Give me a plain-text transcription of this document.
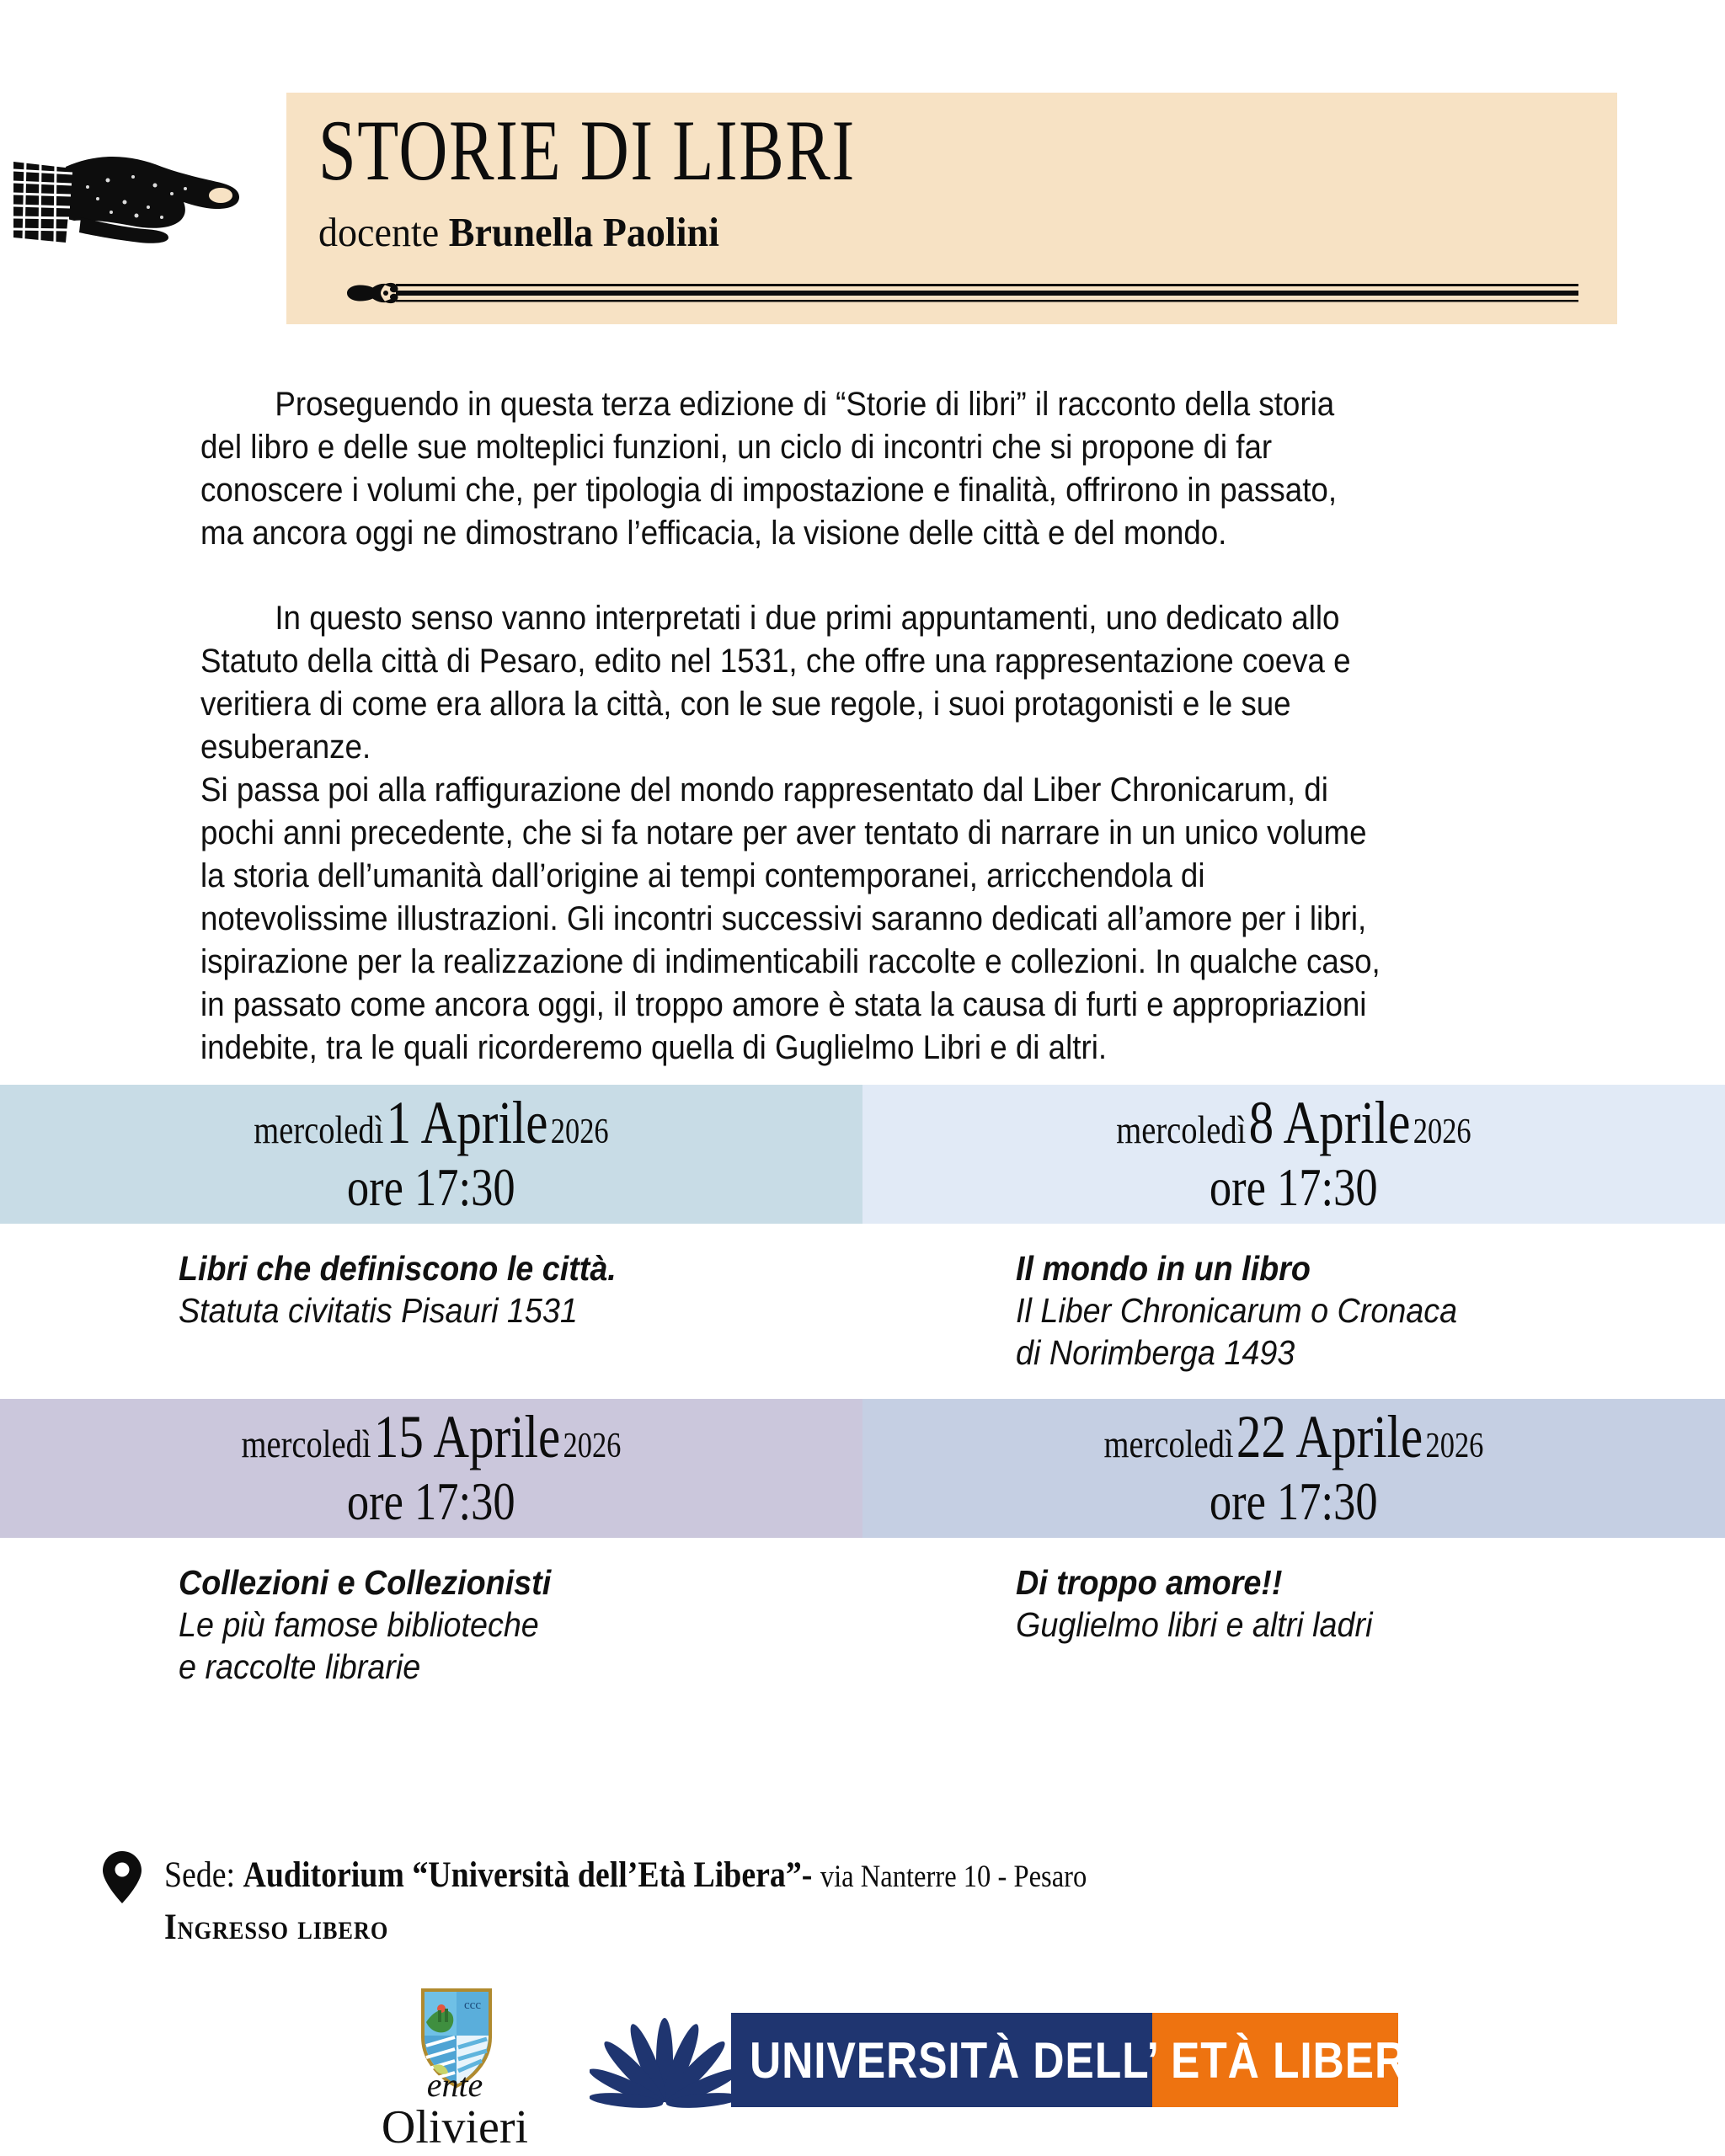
STORIE DI LIBRI
docente Brunella Paolini

Proseguendo in questa terza edizione di “Storie di libri” il racconto della storia del libro e delle sue molteplici funzioni, un ciclo di incontri che si propone di far conoscere i volumi che, per tipologia di impostazione e finalità, offrirono in passato, ma ancora oggi ne dimostrano l’efficacia, la visione delle città e del mondo.

In questo senso vanno interpretati i due primi appuntamenti, uno dedicato allo Statuto della città di Pesaro, edito nel 1531, che offre una rappresentazione coeva e veritiera di come era allora la città, con le sue regole, i suoi protagonisti e le sue esuberanze.

Si passa poi alla raffigurazione del mondo rappresentato dal Liber Chronicarum, di pochi anni precedente, che si fa notare per aver tentato di narrare in un unico volume la storia dell’umanità dall’origine ai tempi contemporanei, arricchendola di notevolissime illustrazioni. Gli incontri successivi saranno dedicati all’amore per i libri, ispirazione per la realizzazione di indimenticabili raccolte e collezioni. In qualche caso, in passato come ancora oggi, il troppo amore è stata la causa di furti e appropriazioni indebite, tra le quali ricorderemo quella di Guglielmo Libri e di altri.

mercoledì 1 Aprile 2026
ore 17:30
Libri che definiscono le città.
Statuta civitatis Pisauri 1531
mercoledì 8 Aprile 2026
ore 17:30
Il mondo in un libro
Il Liber Chronicarum o Cronaca
di Norimberga 1493
mercoledì 15 Aprile 2026
ore 17:30
Collezioni e Collezionisti
Le più famose biblioteche
e raccolte librarie
mercoledì 22 Aprile 2026
ore 17:30
Di troppo amore!!
Guglielmo libri e altri ladri
Sede: Auditorium “Università dell’Età Libera”- via Nanterre 10 - Pesaro
Ingresso libero
ccc
ente
Olivieri
UNIVERSITÀ DELL’ ETÀ LIBERA
